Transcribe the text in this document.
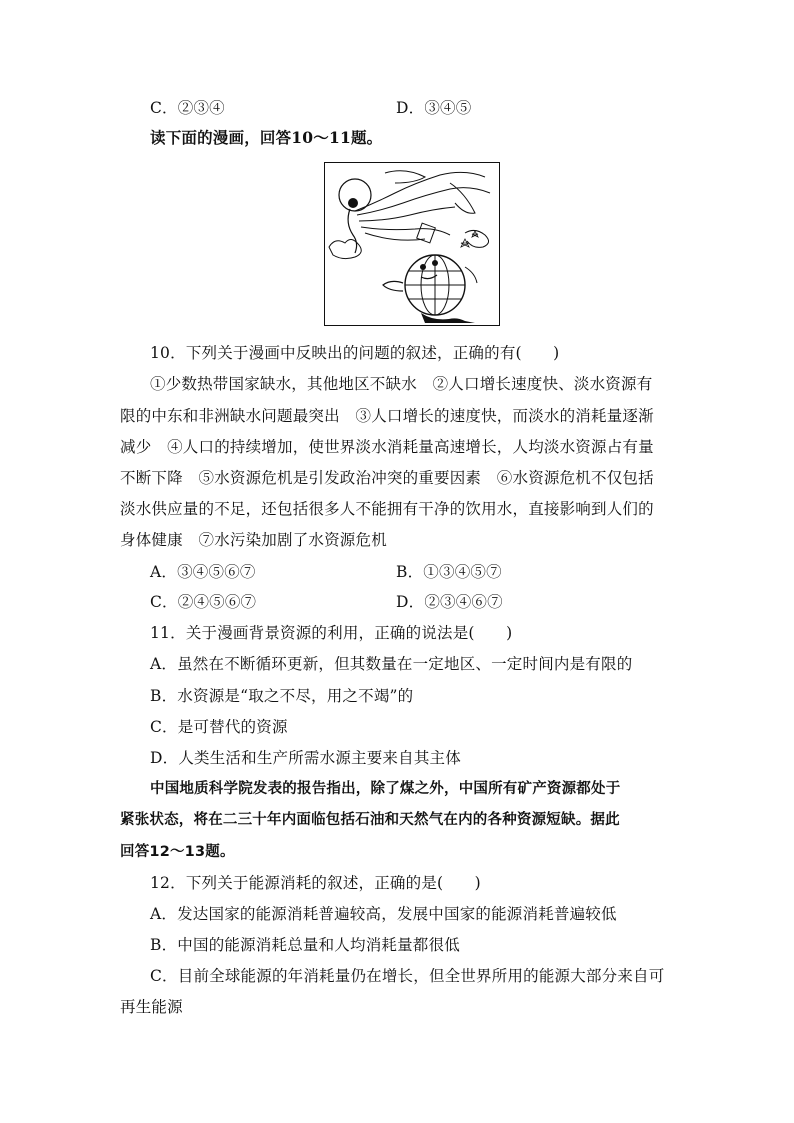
C．②③④	D．③④⑤
读下面的漫画，回答10～11题。
10．下列关于漫画中反映出的问题的叙述，正确的有(　　)
①少数热带国家缺水，其他地区不缺水　②人口增长速度快、淡水资源有
限的中东和非洲缺水问题最突出　③人口增长的速度快，而淡水的消耗量逐渐
减少　④人口的持续增加，使世界淡水消耗量高速增长，人均淡水资源占有量
不断下降　⑤水资源危机是引发政治冲突的重要因素　⑥水资源危机不仅包括
淡水供应量的不足，还包括很多人不能拥有干净的饮用水，直接影响到人们的
身体健康　⑦水污染加剧了水资源危机
A．③④⑤⑥⑦	B．①③④⑤⑦
C．②④⑤⑥⑦	D．②③④⑥⑦
11．关于漫画背景资源的利用，正确的说法是(　　)
A．虽然在不断循环更新，但其数量在一定地区、一定时间内是有限的
B．水资源是“取之不尽，用之不竭”的
C．是可替代的资源
D．人类生活和生产所需水源主要来自其主体
中国地质科学院发表的报告指出，除了煤之外，中国所有矿产资源都处于
紧张状态，将在二三十年内面临包括石油和天然气在内的各种资源短缺。据此
回答12～13题。
12．下列关于能源消耗的叙述，正确的是(　　)
A．发达国家的能源消耗普遍较高，发展中国家的能源消耗普遍较低
B．中国的能源消耗总量和人均消耗量都很低
C．目前全球能源的年消耗量仍在增长，但全世界所用的能源大部分来自可
再生能源
